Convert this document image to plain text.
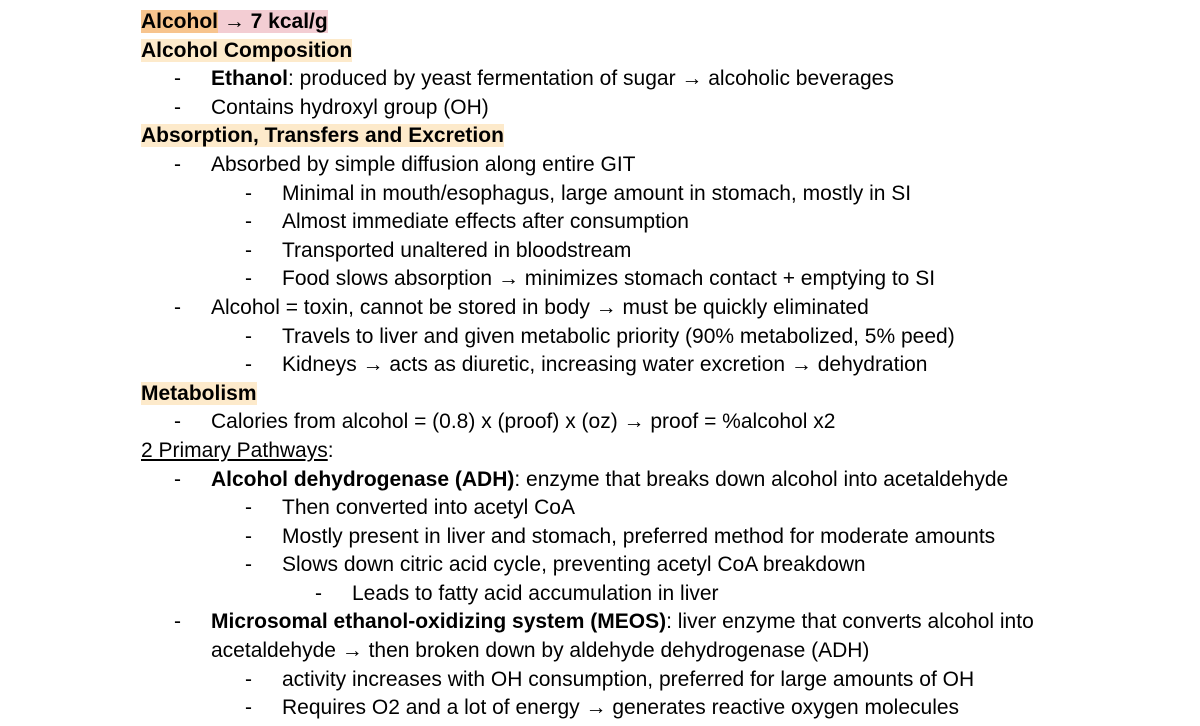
Alcohol → 7 kcal/g
Alcohol Composition
- Ethanol: produced by yeast fermentation of sugar → alcoholic beverages
- Contains hydroxyl group (OH)
Absorption, Transfers and Excretion
- Absorbed by simple diffusion along entire GIT
- Minimal in mouth/esophagus, large amount in stomach, mostly in SI
- Almost immediate effects after consumption
- Transported unaltered in bloodstream
- Food slows absorption → minimizes stomach contact + emptying to SI
- Alcohol = toxin, cannot be stored in body → must be quickly eliminated
- Travels to liver and given metabolic priority (90% metabolized, 5% peed)
- Kidneys → acts as diuretic, increasing water excretion → dehydration
Metabolism
- Calories from alcohol = (0.8) x (proof) x (oz) → proof = %alcohol x2
2 Primary Pathways:
- Alcohol dehydrogenase (ADH): enzyme that breaks down alcohol into acetaldehyde
- Then converted into acetyl CoA
- Mostly present in liver and stomach, preferred method for moderate amounts
- Slows down citric acid cycle, preventing acetyl CoA breakdown
- Leads to fatty acid accumulation in liver
- Microsomal ethanol-oxidizing system (MEOS): liver enzyme that converts alcohol into
acetaldehyde → then broken down by aldehyde dehydrogenase (ADH)
- activity increases with OH consumption, preferred for large amounts of OH
- Requires O2 and a lot of energy → generates reactive oxygen molecules
